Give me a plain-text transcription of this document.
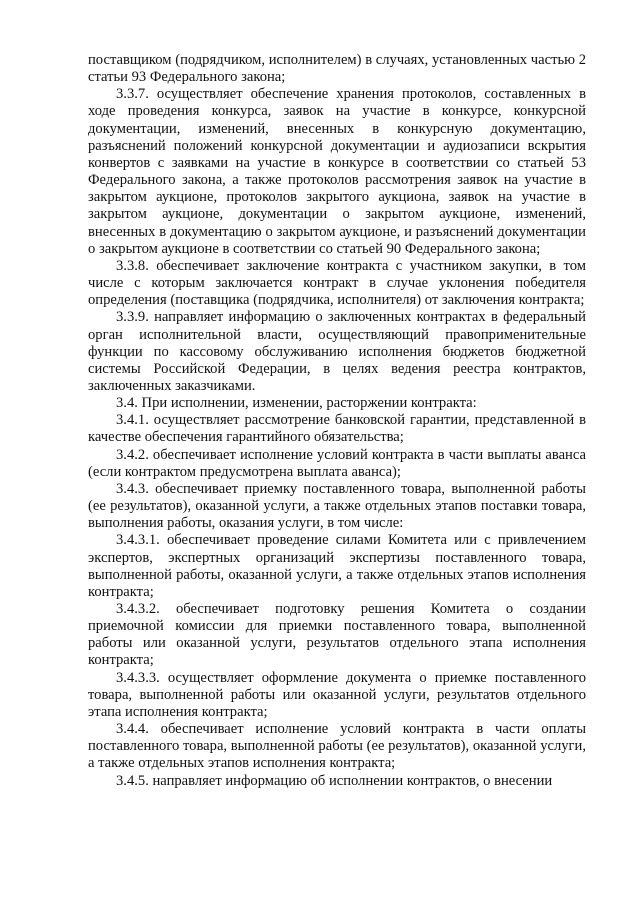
поставщиком (подрядчиком, исполнителем) в случаях, установленных частью 2 статьи 93 Федерального закона;

3.3.7. осуществляет обеспечение хранения протоколов, составленных в ходе проведения конкурса, заявок на участие в конкурсе, конкурсной документации, изменений, внесенных в конкурсную документацию, разъяснений положений конкурсной документации и аудиозаписи вскрытия конвертов с заявками на участие в конкурсе в соответствии со статьей 53 Федерального закона, а также протоколов рассмотрения заявок на участие в закрытом аукционе, протоколов закрытого аукциона, заявок на участие в закрытом аукционе, документации о закрытом аукционе, изменений, внесенных в документацию о закрытом аукционе, и разъяснений документации о закрытом аукционе в соответствии со статьей 90 Федерального закона;

3.3.8. обеспечивает заключение контракта с участником закупки, в том числе с которым заключается контракт в случае уклонения победителя определения (поставщика (подрядчика, исполнителя) от заключения контракта;

3.3.9. направляет информацию о заключенных контрактах в федеральный орган исполнительной власти, осуществляющий правоприменительные функции по кассовому обслуживанию исполнения бюджетов бюджетной системы Российской Федерации, в целях ведения реестра контрактов, заключенных заказчиками.

3.4. При исполнении, изменении, расторжении контракта:

3.4.1. осуществляет рассмотрение банковской гарантии, представленной в качестве обеспечения гарантийного обязательства;

3.4.2. обеспечивает исполнение условий контракта в части выплаты аванса (если контрактом предусмотрена выплата аванса);

3.4.3. обеспечивает приемку поставленного товара, выполненной работы (ее результатов), оказанной услуги, а также отдельных этапов поставки товара, выполнения работы, оказания услуги, в том числе:

3.4.3.1. обеспечивает проведение силами Комитета или с привлечением экспертов, экспертных организаций экспертизы поставленного товара, выполненной работы, оказанной услуги, а также отдельных этапов исполнения контракта;

3.4.3.2. обеспечивает подготовку решения Комитета о создании приемочной комиссии для приемки поставленного товара, выполненной работы или оказанной услуги, результатов отдельного этапа исполнения контракта;

3.4.3.3. осуществляет оформление документа о приемке поставленного товара, выполненной работы или оказанной услуги, результатов отдельного этапа исполнения контракта;

3.4.4. обеспечивает исполнение условий контракта в части оплаты поставленного товара, выполненной работы (ее результатов), оказанной услуги, а также отдельных этапов исполнения контракта;

3.4.5. направляет информацию об исполнении контрактов, о внесении
